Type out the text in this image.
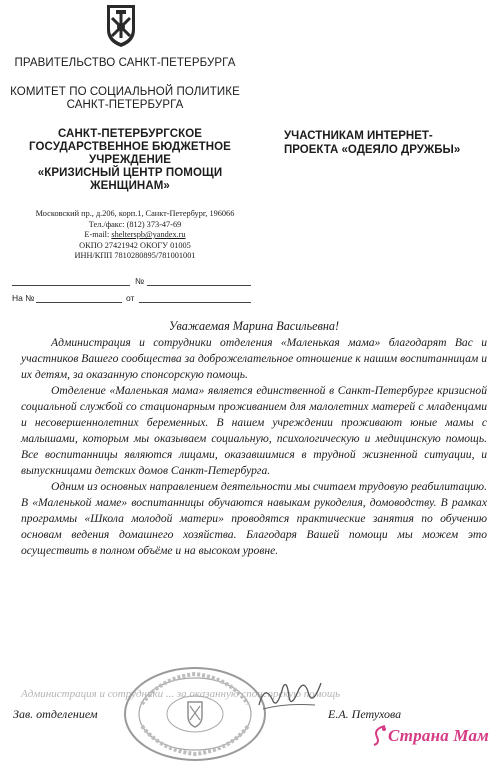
ПРАВИТЕЛЬСТВО САНКТ-ПЕТЕРБУРГА
КОМИТЕТ ПО СОЦИАЛЬНОЙ ПОЛИТИКЕ
САНКТ-ПЕТЕРБУРГА
САНКТ-ПЕТЕРБУРГСКОЕ
ГОСУДАРСТВЕННОЕ БЮДЖЕТНОЕ
УЧРЕЖДЕНИЕ
«КРИЗИСНЫЙ ЦЕНТР ПОМОЩИ
ЖЕНЩИНАМ»
Московский пр., д.206, корп.1, Санкт-Петербург, 196066
Тел./факс: (812) 373-47-69
E-mail: shelterspb@yandex.ru
ОКПО 27421942 ОКОГУ 01005
ИНН/КПП 7810280895/781001001
УЧАСТНИКАМ ИНТЕРНЕТ-
ПРОЕКТА «ОДЕЯЛО ДРУЖБЫ»
№
На №	от

Уважаемая Марина Васильевна!

Администрация и сотрудники отделения «Маленькая мама» благодарят Вас и участников Вашего сообщества за доброжелательное отношение к нашим воспитанницам и их детям, за оказанную спонсорскую помощь.

Отделение «Маленькая мама» является единственной в Санкт-Петербурге кризисной социальной службой со стационарным проживанием для малолетних матерей с младенцами и несовершеннолетних беременных. В нашем учреждении проживают юные мамы с малышами, которым мы оказываем социальную, психологическую и медицинскую помощь. Все воспитанницы являются лицами, оказавшимися в трудной жизненной ситуации, и выпускницами детских домов Санкт-Петербурга.

Одним из основных направлением деятельности мы считаем трудовую реабилитацию. В «Маленькой маме» воспитанницы обучаются навыкам рукоделия, домоводству. В рамках программы «Школа молодой матери» проводятся практические занятия по обучению основам ведения домашнего хозяйства. Благодаря Вашей помощи мы можем это осуществить в полном объёме и на высоком уровне.

Администрация и сотрудники ... за оказанную спонсорскую помощь
Зав. отделением	Е.А. Петухова
Страна Мам
